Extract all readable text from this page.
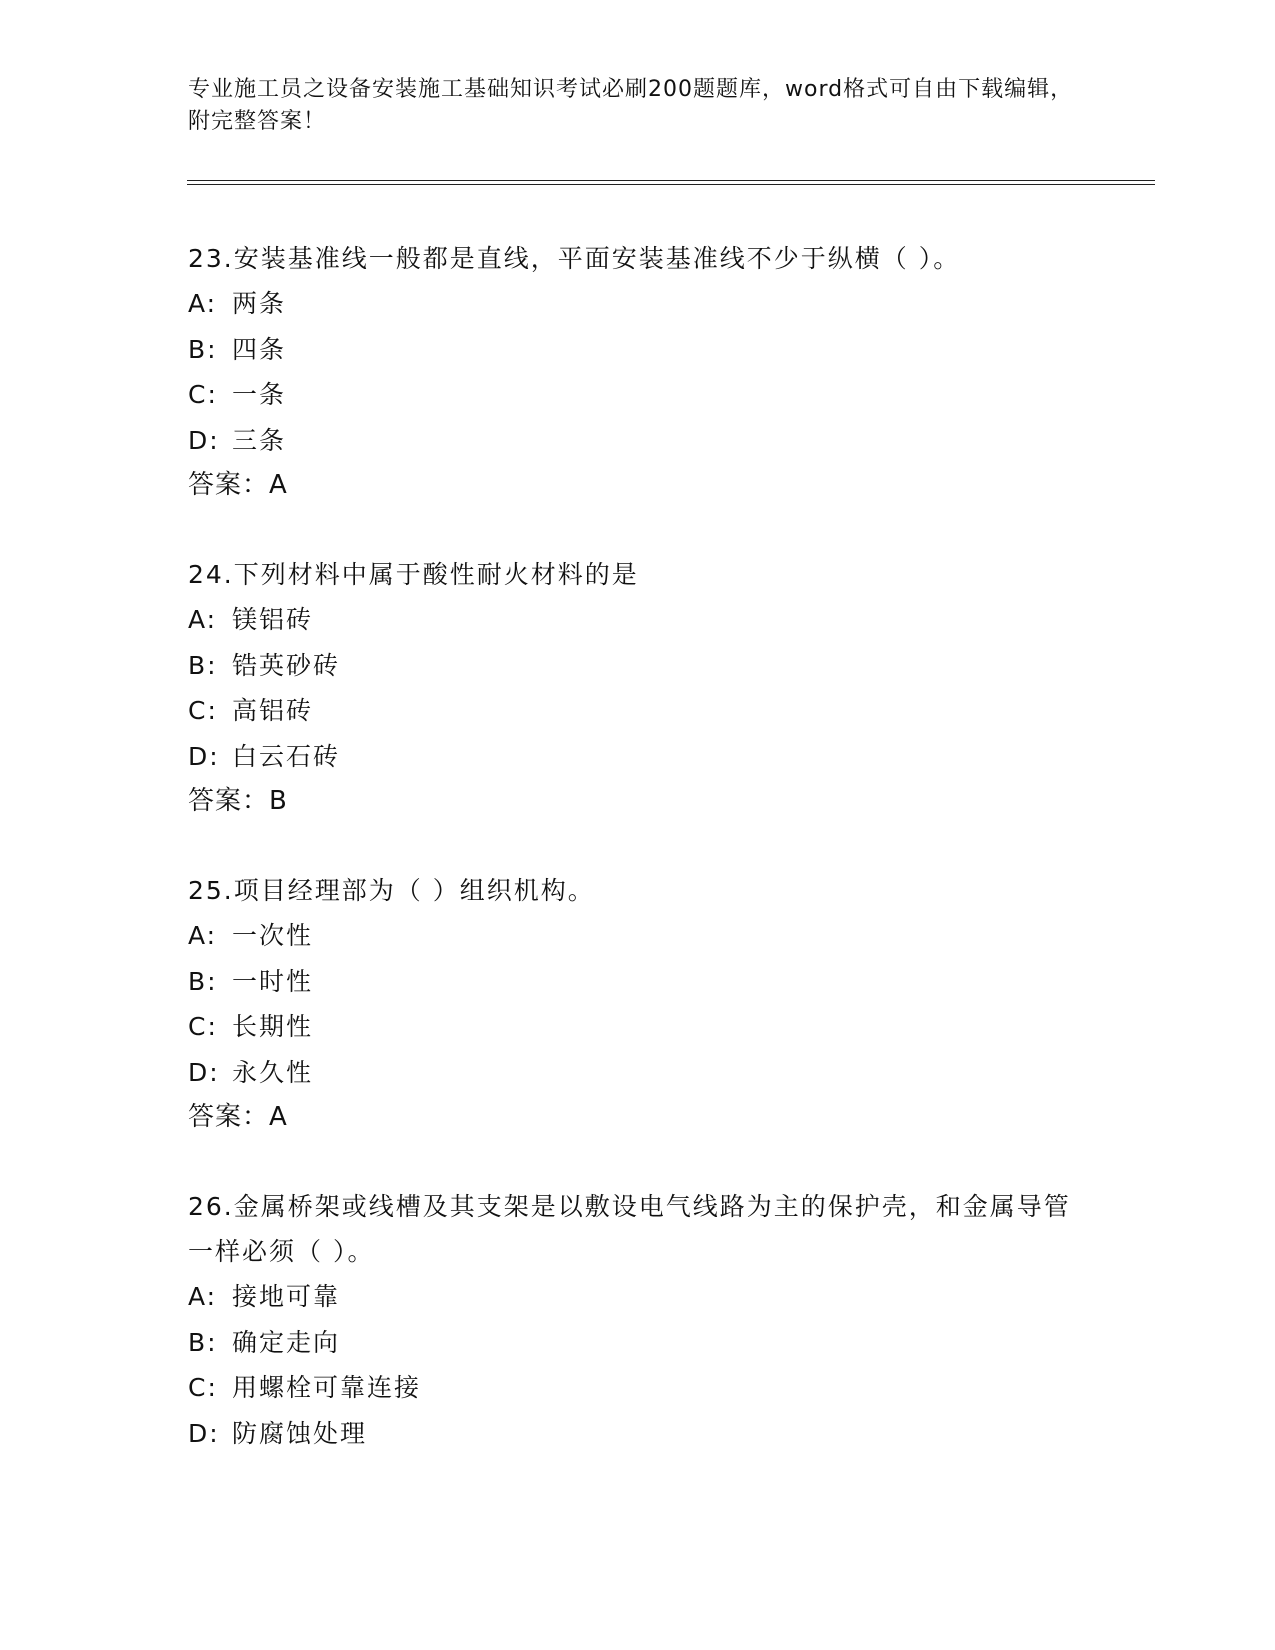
专业施工员之设备安装施工基础知识考试必刷200题题库，word格式可自由下载编辑，附完整答案！
23.安装基准线一般都是直线，平面安装基准线不少于纵横（ ）。
A: 两条
B: 四条
C: 一条
D: 三条
答案：A
24.下列材料中属于酸性耐火材料的是
A: 镁铝砖
B: 锆英砂砖
C: 高铝砖
D: 白云石砖
答案：B
25.项目经理部为（ ）组织机构。
A: 一次性
B: 一时性
C: 长期性
D: 永久性
答案：A
26.金属桥架或线槽及其支架是以敷设电气线路为主的保护壳，和金属导管一样必须（ ）。
A: 接地可靠
B: 确定走向
C: 用螺栓可靠连接
D: 防腐蚀处理
